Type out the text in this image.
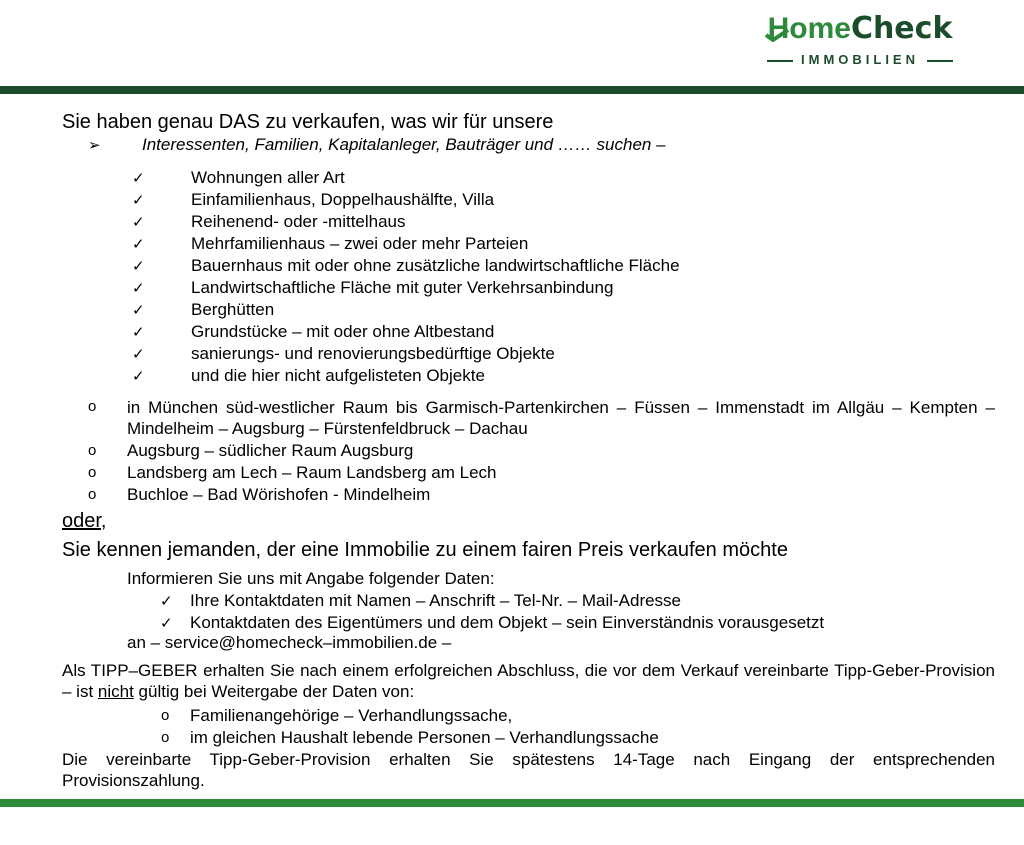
HomeCheck
IMMOBILIEN
Sie haben genau DAS zu verkaufen, was wir für unsere
➢ Interessenten, Familien, Kapitalanleger, Bauträger und …… suchen –
✓	Wohnungen aller Art
✓	Einfamilienhaus, Doppelhaushälfte, Villa
✓	Reihenend- oder -mittelhaus
✓	Mehrfamilienhaus – zwei oder mehr Parteien
✓	Bauernhaus mit oder ohne zusätzliche landwirtschaftliche Fläche
✓	Landwirtschaftliche Fläche mit guter Verkehrsanbindung
✓	Berghütten
✓	Grundstücke – mit oder ohne Altbestand
✓	sanierungs- und renovierungsbedürftige Objekte
✓	und die hier nicht aufgelisteten Objekte
o in München süd-westlicher Raum bis Garmisch-Partenkirchen – Füssen – Immenstadt im Allgäu – Kempten – Mindelheim – Augsburg – Fürstenfeldbruck – Dachau
o Augsburg – südlicher Raum Augsburg
o Landsberg am Lech – Raum Landsberg am Lech
o Buchloe – Bad Wörishofen - Mindelheim
oder,
Sie kennen jemanden, der eine Immobilie zu einem fairen Preis verkaufen möchte
Informieren Sie uns mit Angabe folgender Daten:
✓ Ihre Kontaktdaten mit Namen – Anschrift – Tel-Nr. – Mail-Adresse
✓ Kontaktdaten des Eigentümers und dem Objekt – sein Einverständnis vorausgesetzt
an – service@homecheck–immobilien.de –
Als TIPP–GEBER erhalten Sie nach einem erfolgreichen Abschluss, die vor dem Verkauf vereinbarte Tipp-Geber-Provision – ist nicht gültig bei Weitergabe der Daten von:
o Familienangehörige – Verhandlungssache,
o im gleichen Haushalt lebende Personen – Verhandlungssache
Die vereinbarte Tipp-Geber-Provision erhalten Sie spätestens 14-Tage nach Eingang der entsprechenden Provisionszahlung.
